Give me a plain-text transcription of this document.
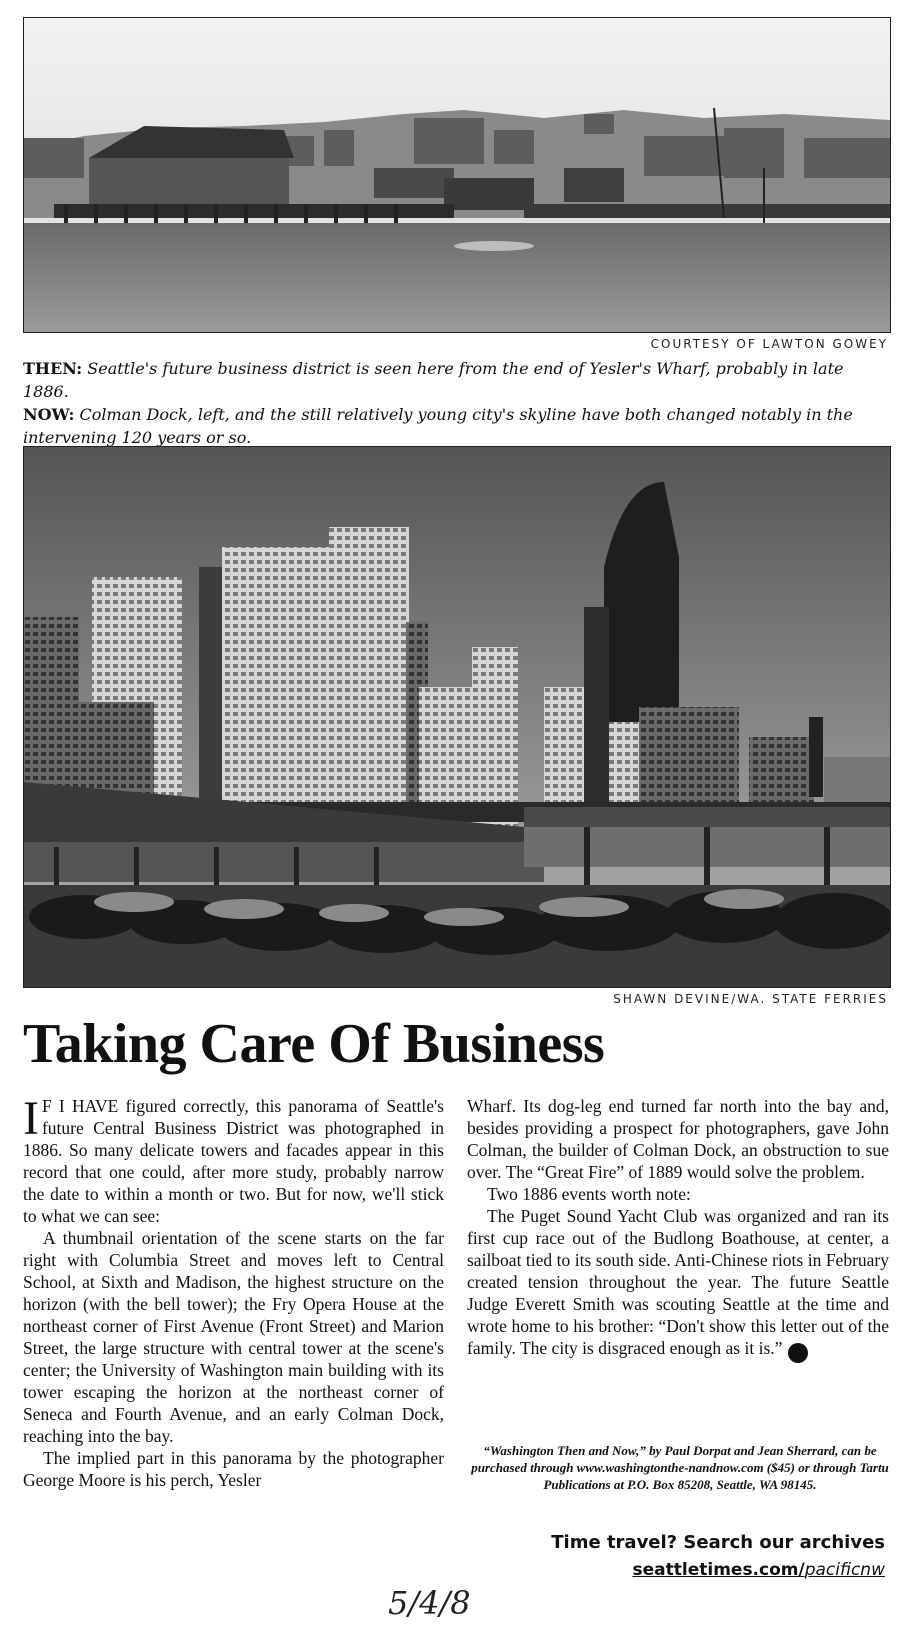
COURTESY OF LAWTON GOWEY
THEN: Seattle's future business district is seen here from the end of Yesler's Wharf, probably in late 1886.
NOW: Colman Dock, left, and the still relatively young city's skyline have both changed notably in the intervening 120 years or so.
SHAWN DEVINE/WA. STATE FERRIES
Taking Care Of Business

I F I HAVE figured correctly, this panorama of Seattle's future Central Business District was photographed in 1886. So many delicate towers and facades appear in this record that one could, after more study, probably narrow the date to within a month or two. But for now, we'll stick to what we can see:

A thumbnail orientation of the scene starts on the far right with Columbia Street and moves left to Central School, at Sixth and Madison, the highest structure on the horizon (with the bell tower); the Fry Opera House at the northeast corner of First Avenue (Front Street) and Marion Street, the large structure with central tower at the scene's center; the University of Washington main building with its tower escaping the horizon at the northeast corner of Seneca and Fourth Avenue, and an early Colman Dock, reaching into the bay.

The implied part in this panorama by the photographer George Moore is his perch, Yesler

Wharf. Its dog-leg end turned far north into the bay and, besides providing a prospect for photographers, gave John Colman, the builder of Colman Dock, an obstruction to sue over. The “Great Fire” of 1889 would solve the problem.

Two 1886 events worth note:

The Puget Sound Yacht Club was organized and ran its first cup race out of the Budlong Boathouse, at center, a sailboat tied to its south side. Anti-Chinese riots in February created tension throughout the year. The future Seattle Judge Everett Smith was scouting Seattle at the time and wrote home to his brother: “Don't show this letter out of the family. The city is disgraced enough as it is.” p

“Washington Then and Now,” by Paul Dorpat and Jean Sherrard, can be purchased through www.washingtonthe-nandnow.com ($45) or through Tartu Publications at P.O. Box 85208, Seattle, WA 98145.
Time travel? Search our archives
seattletimes.com/pacificnw
5/4/8
